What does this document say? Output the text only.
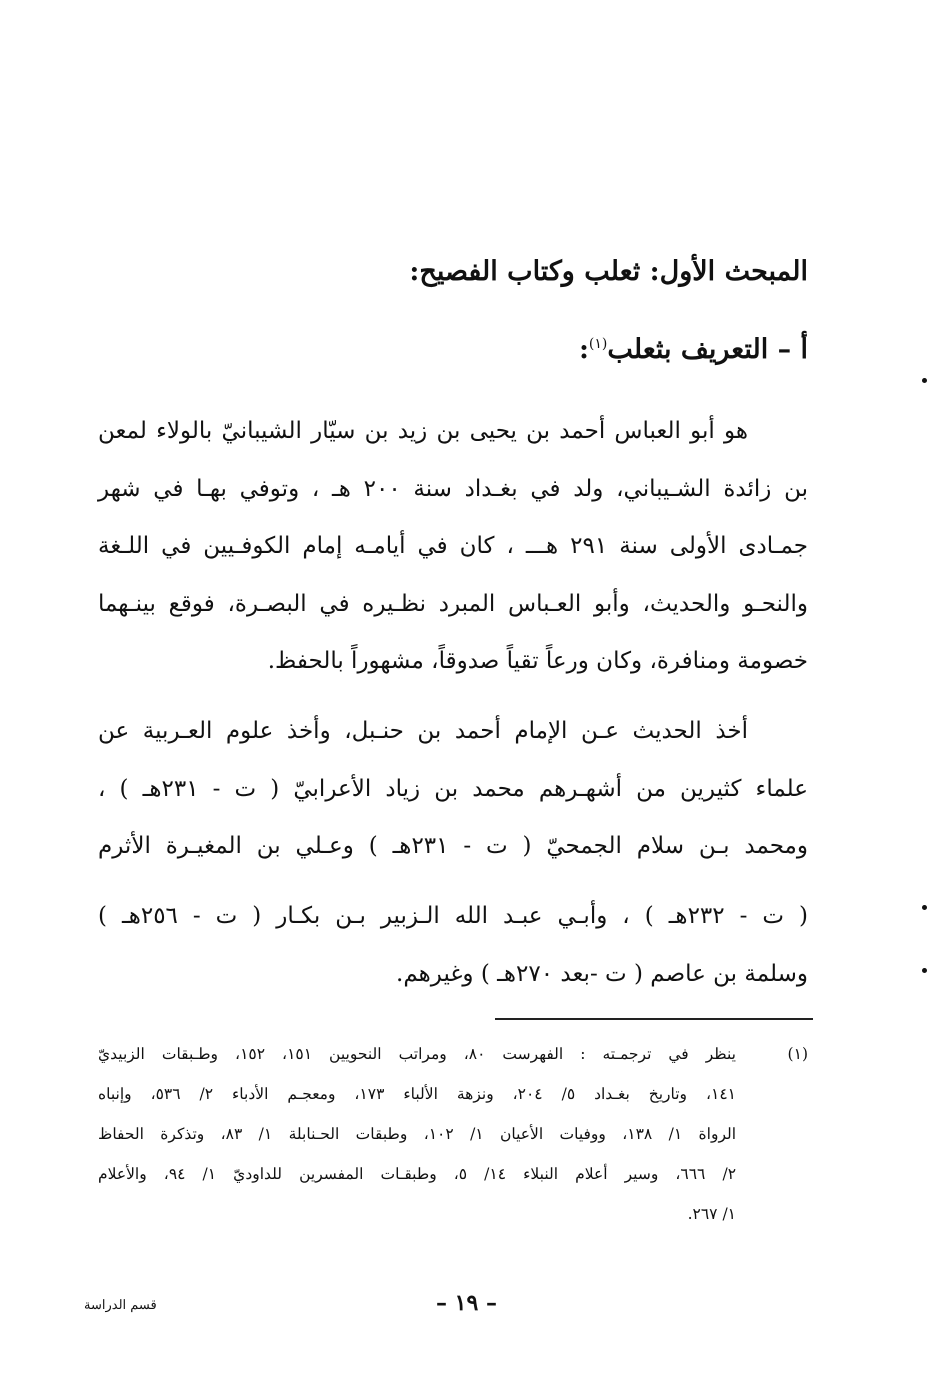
المبحث الأول: ثعلب وكتاب الفصيح:
أ – التعريف بثعلب$^{(١)}$:
هو أبو العباس أحمد بن يحيى بن زيد بن سيّار الشيبانيّ بالولاء لمعن
بن زائدة الشـيباني، ولد في بغـداد سنة ٢٠٠ هـ ، وتوفي بهـا في شهر
جمـادى الأولى سنة ٢٩١ هـــ ، كان في أيامـه إمام الكوفـيين في اللـغة
والنحـو والحديث، وأبو العـباس المبرد نظـيره في البصـرة، فوقع بينـهما
خصومة ومنافرة، وكان ورعاً تقياً صدوقاً، مشهوراً بالحفظ.
أخذ الحديث عـن الإمام أحمد بن حنـبل، وأخذ علوم العـربية عن
علماء كثيرين من أشهـرهم محمد بن زياد الأعرابيّ ( ت - ٢٣١هـ ) ،
ومحمد بـن سلام الجمحيّ ( ت - ٢٣١هـ ) وعـلي بن المغيـرة الأثرم
( ت - ٢٣٢هـ ) ، وأبـي عبـد الله الـزبير بـن بكـار ( ت - ٢٥٦هـ )
وسلمة بن عاصم ( ت -بعد ٢٧٠هـ ) وغيرهم.
(١)
ينظر في ترجمـته : الفهرست ٨٠، ومراتب النحويين ١٥١، ١٥٢، وطـبقات الزبيديّ
١٤١، وتاريخ بغـداد ٥/ ٢٠٤، ونزهة الألباء ١٧٣، ومعجـم الأدباء ٢/ ٥٣٦، وإنباه
الرواة ١/ ١٣٨، ووفيات الأعيان ١/ ١٠٢، وطبقات الحـنابلة ١/ ٨٣، وتذكرة الحفاظ
٢/ ٦٦٦، وسير أعلام النبلاء ١٤/ ٥، وطبقـات المفسرين للداوديّ ١/ ٩٤، والأعلام
١/ ٢٦٧.
– ١٩ –
قسم الدراسة
